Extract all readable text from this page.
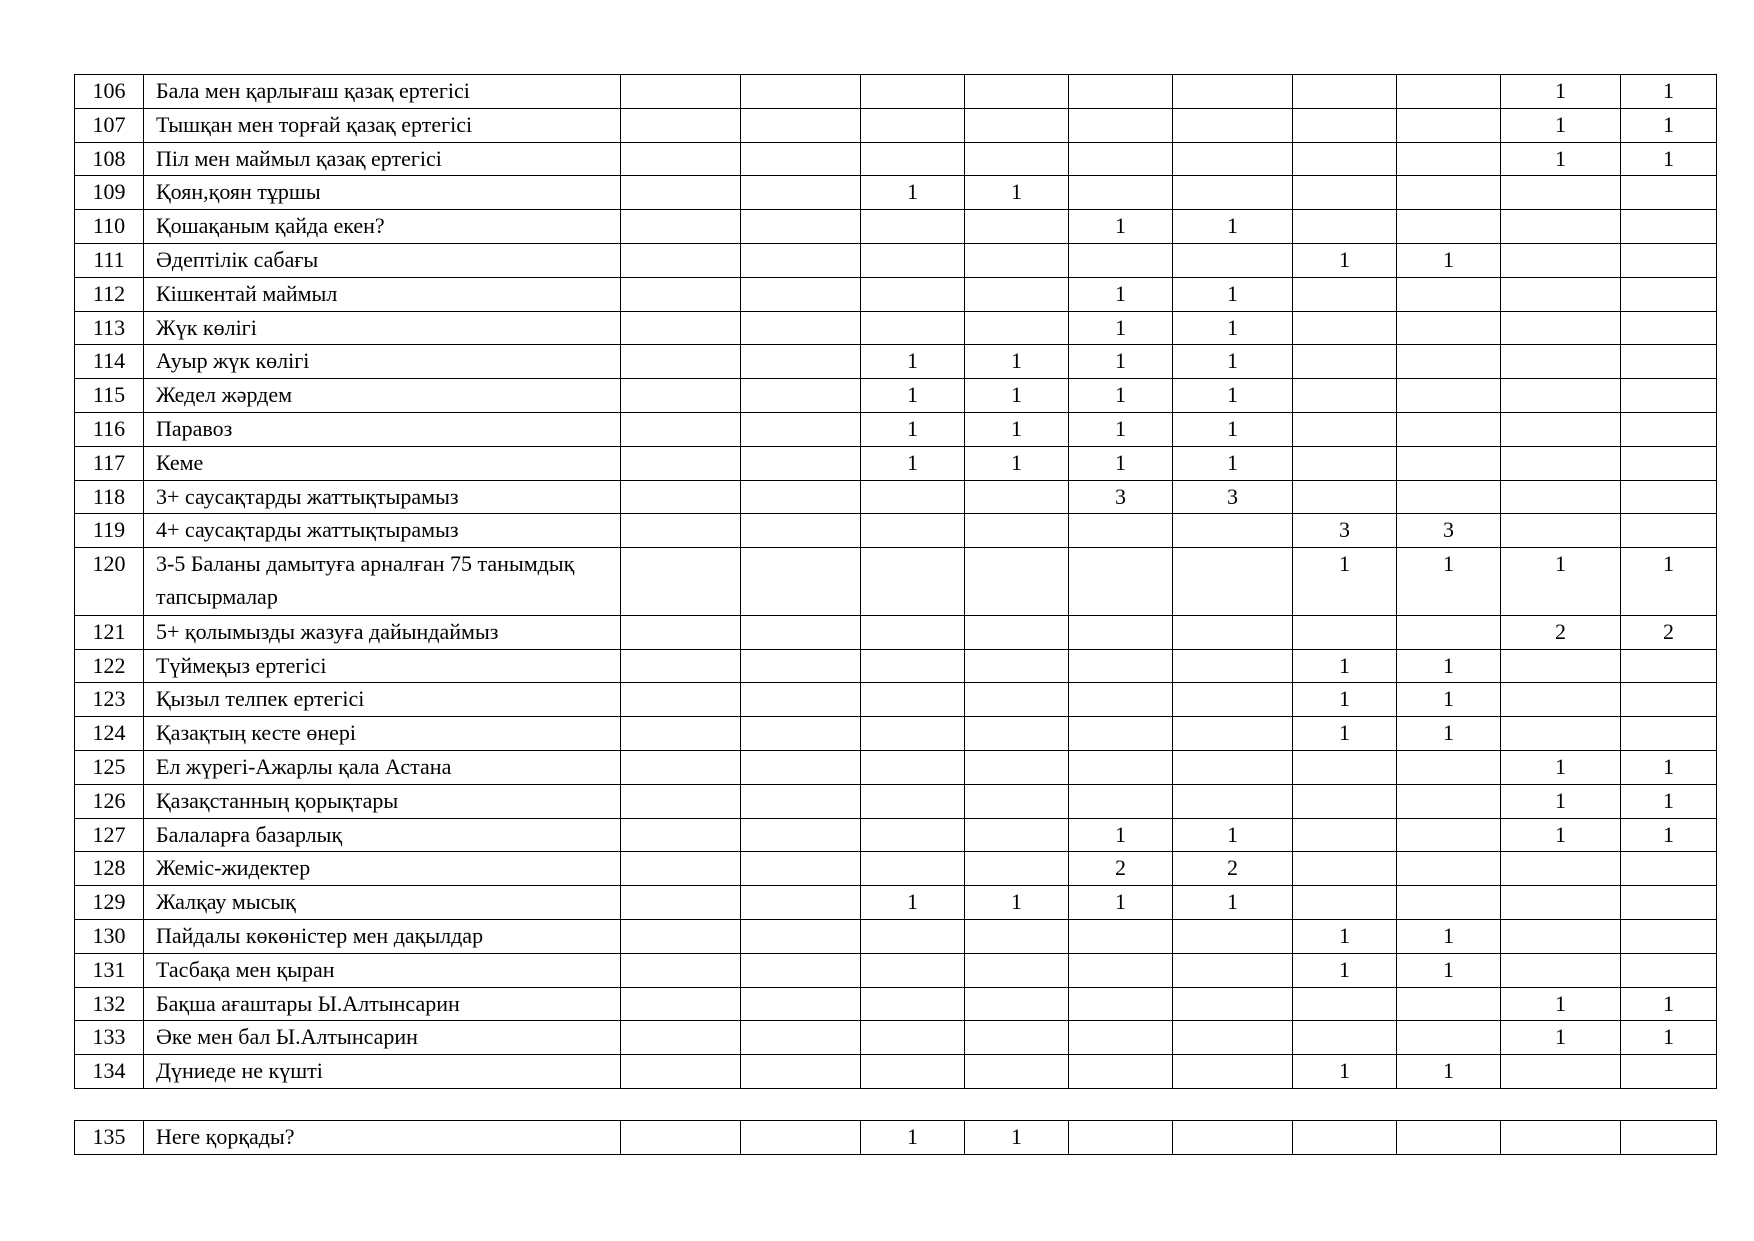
106	Бала мен қарлығаш қазақ ертегісі									1	1
107	Тышқан мен торғай қазақ ертегісі									1	1
108	Піл мен маймыл қазақ ертегісі									1	1
109	Қоян,қоян тұршы			1	1						
110	Қошақаным қайда екен?					1	1				
111	Әдептілік сабағы							1	1		
112	Кішкентай маймыл					1	1				
113	Жүк көлігі					1	1				
114	Ауыр жүк көлігі			1	1	1	1				
115	Жедел жәрдем			1	1	1	1				
116	Паравоз			1	1	1	1				
117	Кеме			1	1	1	1				
118	3+ саусақтарды жаттықтырамыз					3	3				
119	4+ саусақтарды жаттықтырамыз							3	3		
120	3-5 Баланы дамытуға арналған 75 танымдық тапсырмалар							1	1	1	1
121	5+ қолымызды жазуға дайындаймыз									2	2
122	Түймеқыз ертегісі							1	1		
123	Қызыл телпек ертегісі							1	1		
124	Қазақтың кесте өнері							1	1		
125	Ел жүрегі-Ажарлы қала Астана									1	1
126	Қазақстанның қорықтары									1	1
127	Балаларға базарлық					1	1			1	1
128	Жеміс-жидектер					2	2				
129	Жалқау мысық			1	1	1	1				
130	Пайдалы көкөністер мен дақылдар							1	1		
131	Тасбақа мен қыран							1	1		
132	Бақша ағаштары Ы.Алтынсарин									1	1
133	Әке мен бал Ы.Алтынсарин									1	1
134	Дүниеде не күшті							1	1		
135	Неге қорқады?			1	1						
